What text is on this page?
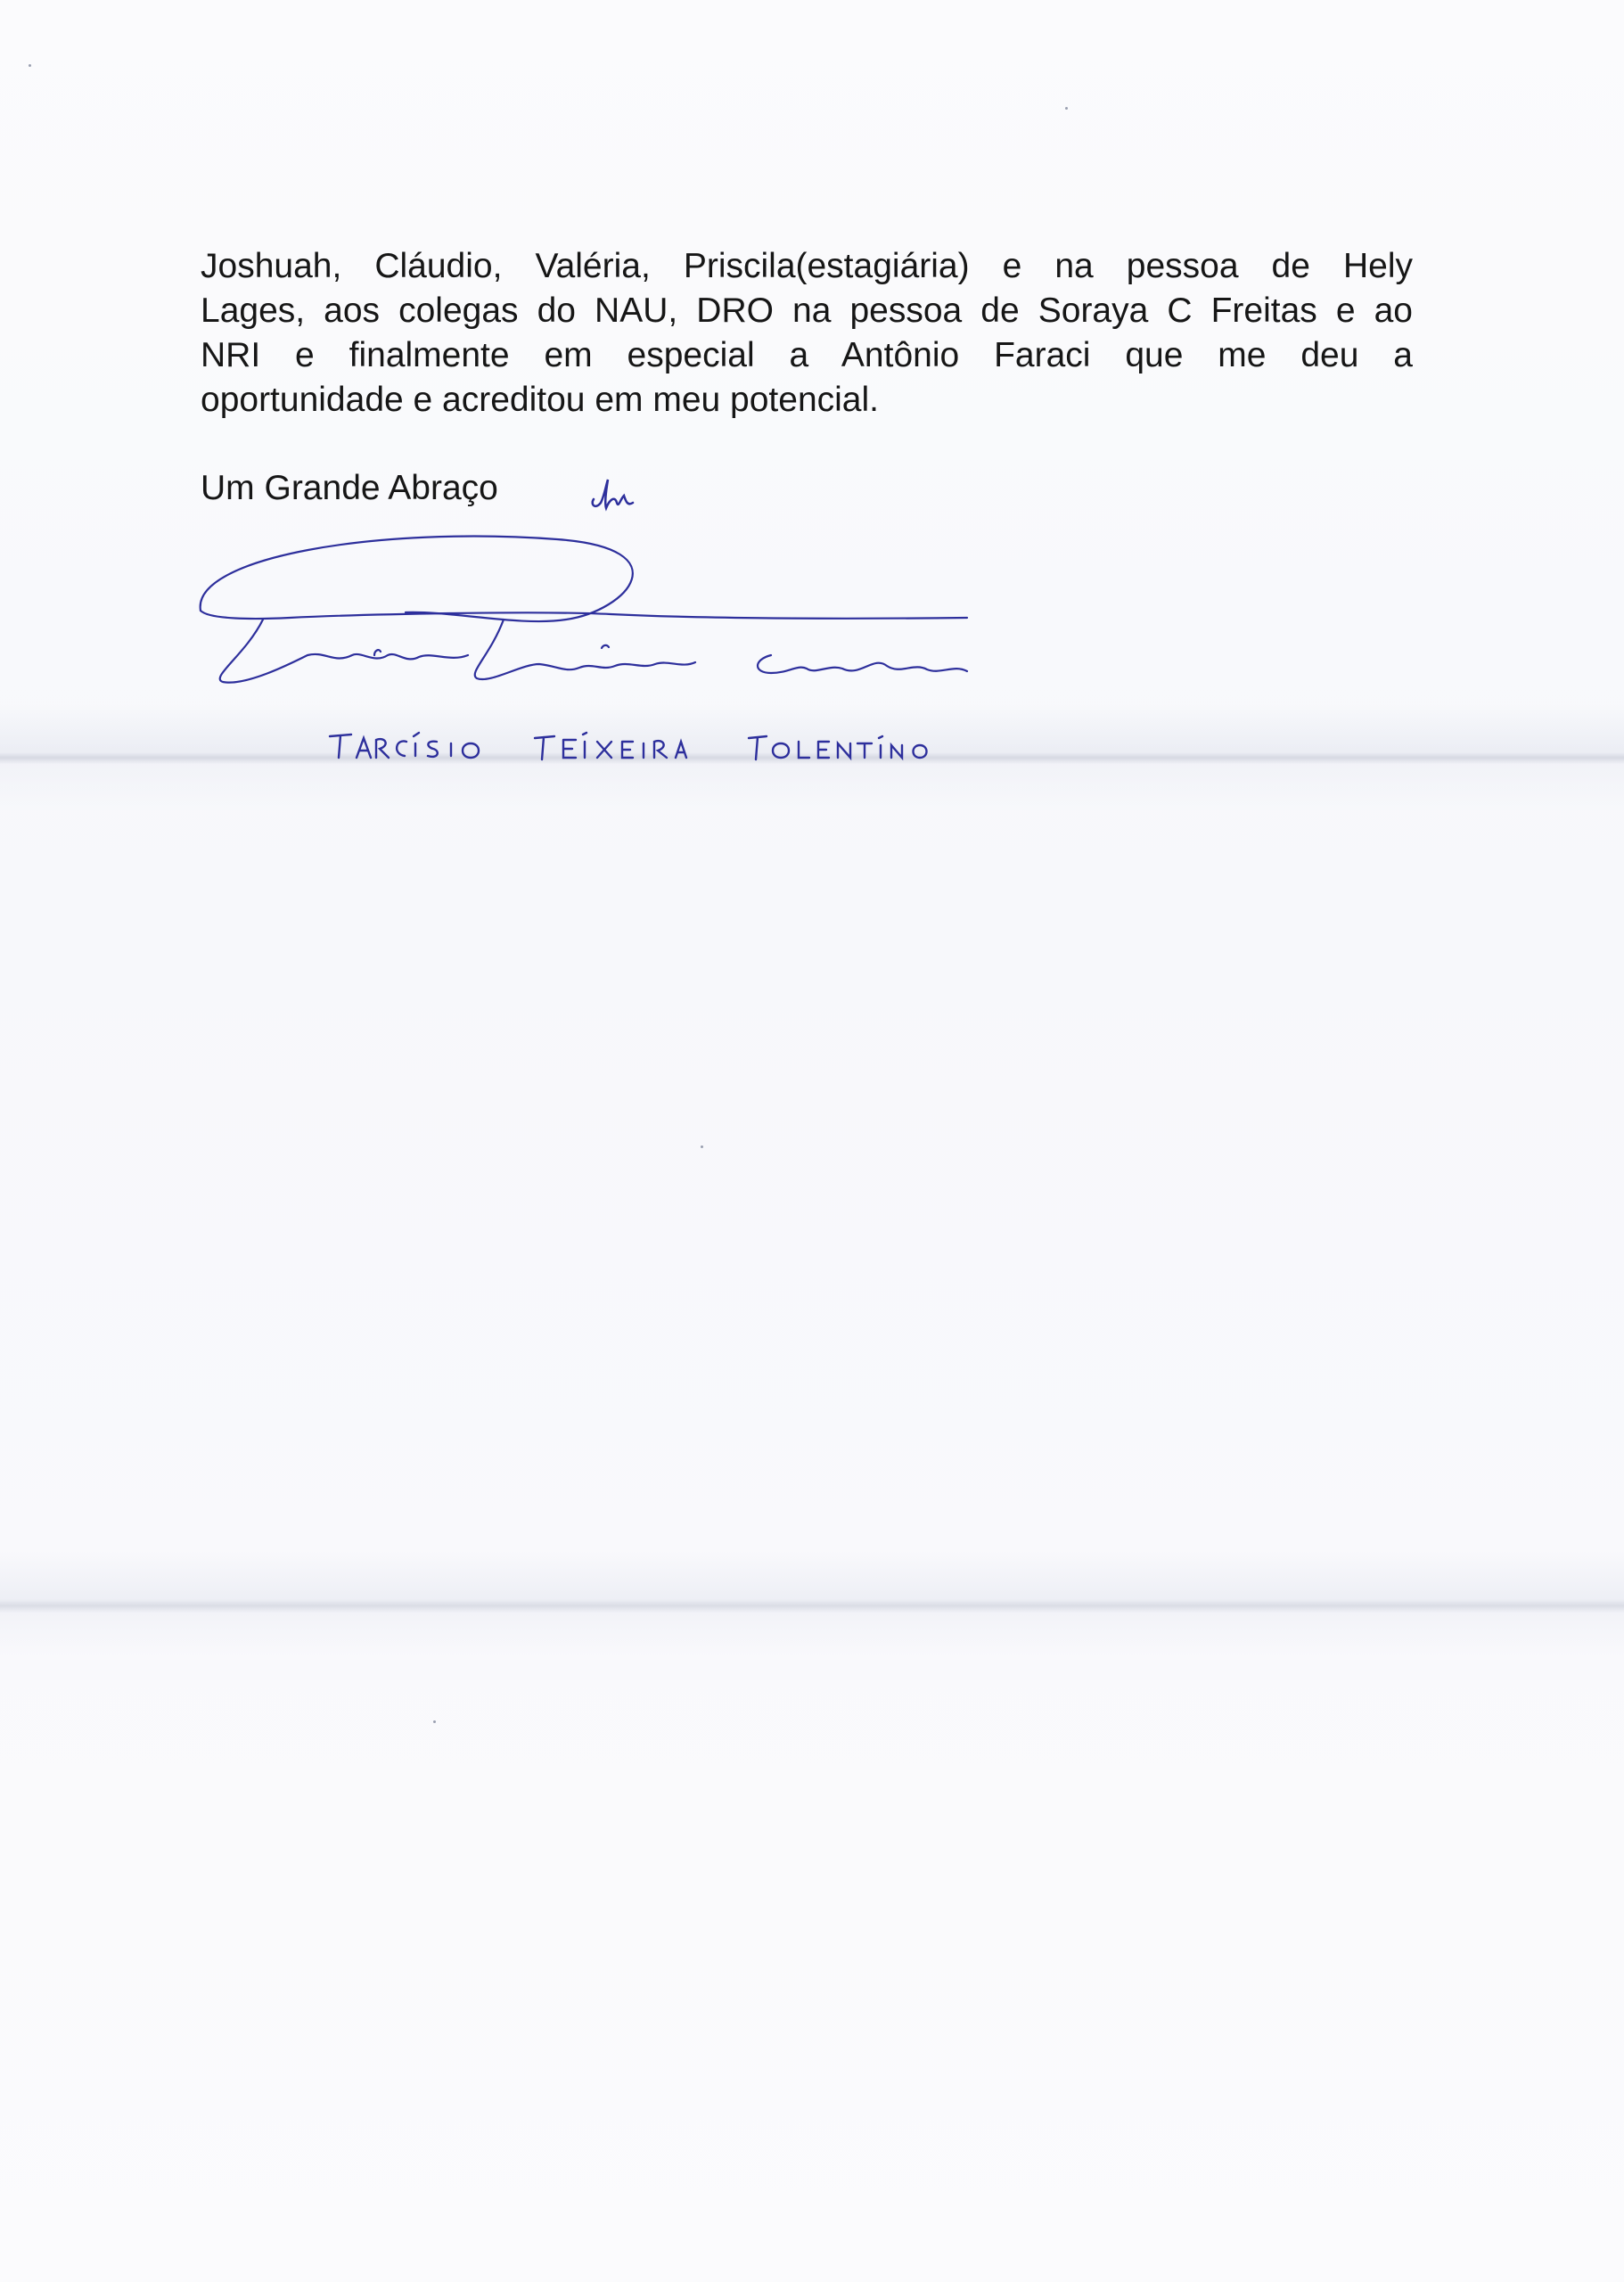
Joshuah, Cláudio, Valéria, Priscila(estagiária) e na pessoa de Hely
Lages, aos colegas do NAU, DRO na pessoa de Soraya C Freitas e ao
NRI e finalmente em especial a Antônio Faraci que me deu a
oportunidade e acreditou em meu potencial.
Um Grande Abraço
